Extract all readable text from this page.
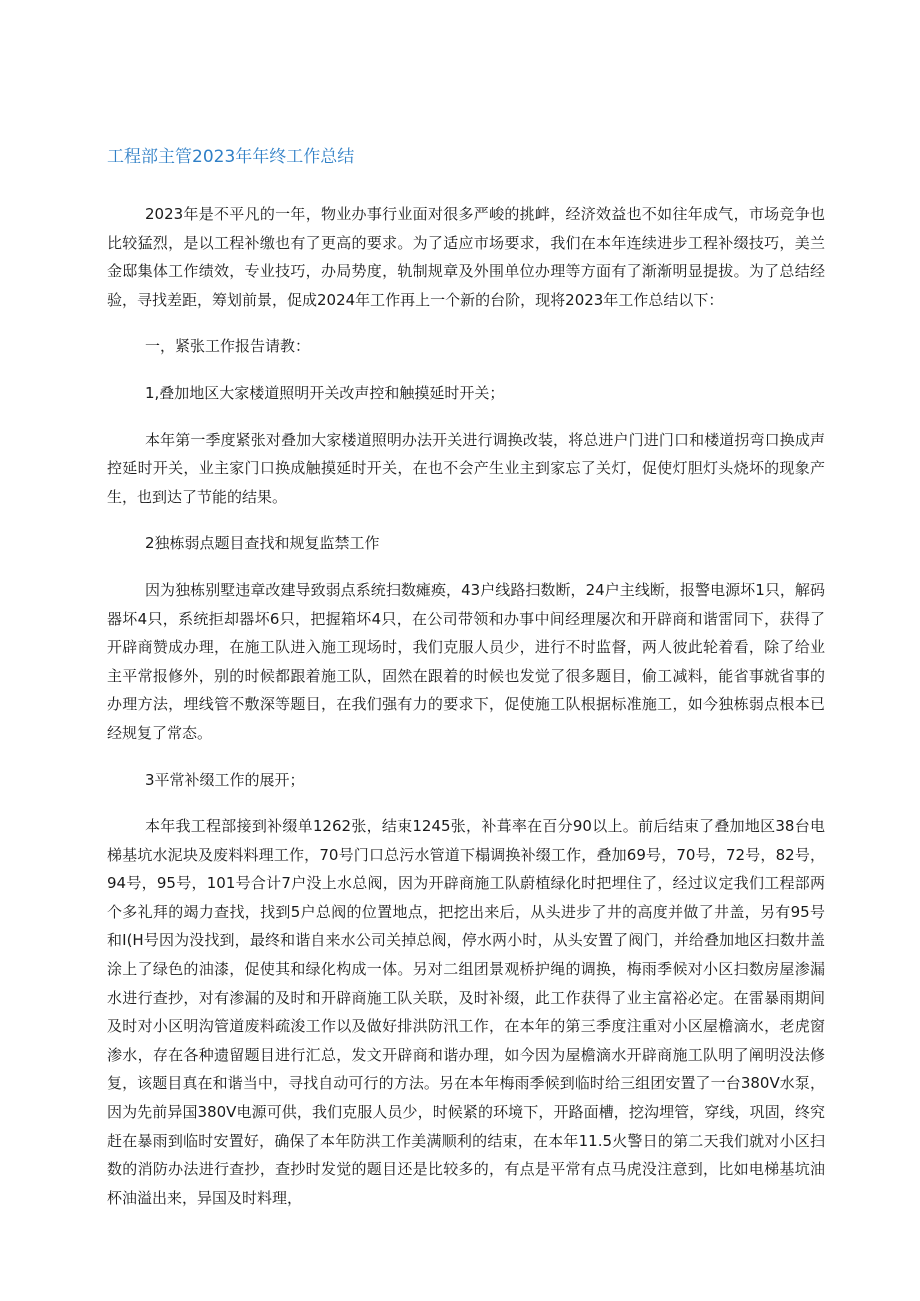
工程部主管2023年年终工作总结

2023年是不平凡的一年，物业办事行业面对很多严峻的挑衅，经济效益也不如往年成气，市场竞争也比较猛烈，是以工程补缴也有了更高的要求。为了适应市场要求，我们在本年连续进步工程补缀技巧，美兰金邸集体工作绩效，专业技巧，办局势度，轨制规章及外围单位办理等方面有了渐渐明显提拔。为了总结经验，寻找差距，筹划前景，促成2024年工作再上一个新的台阶，现将2023年工作总结以下：

一，紧张工作报告请教：

1,叠加地区大家楼道照明开关改声控和触摸延时开关；

本年第一季度紧张对叠加大家楼道照明办法开关进行调换改装，将总进户门进门口和楼道拐弯口换成声控延时开关，业主家门口换成触摸延时开关，在也不会产生业主到家忘了关灯，促使灯胆灯头烧坏的现象产生，也到达了节能的结果。

2独栋弱点题目查找和规复监禁工作

因为独栋别墅违章改建导致弱点系统扫数瘫痪，43户线路扫数断，24户主线断，报警电源坏1只，解码器坏4只，系统拒却器坏6只，把握箱坏4只，在公司带领和办事中间经理屡次和开辟商和谐雷同下，获得了开辟商赞成办理，在施工队进入施工现场时，我们克服人员少，进行不时监督，两人彼此轮着看，除了给业主平常报修外，别的时候都跟着施工队，固然在跟着的时候也发觉了很多题目，偷工减料，能省事就省事的办理方法，埋线管不敷深等题目，在我们强有力的要求下，促使施工队根据标准施工，如今独栋弱点根本已经规复了常态。

3平常补缀工作的展开；

本年我工程部接到补缀单1262张，结束1245张，补葺率在百分90以上。前后结束了叠加地区38台电梯基坑水泥块及废料料理工作，70号门口总污水管道下榻调换补缀工作，叠加69号，70号，72号，82号，94号，95号，101号合计7户没上水总阀，因为开辟商施工队蔚植绿化时把埋住了，经过议定我们工程部两个多礼拜的竭力查找，找到5户总阀的位置地点，把挖出来后，从头进步了井的高度并做了井盖，另有95号和I(H号因为没找到，最终和谐自来水公司关掉总阀，停水两小时，从头安置了阀门，并给叠加地区扫数井盖涂上了绿色的油漆，促使其和绿化构成一体。另对二组团景观桥护绳的调换，梅雨季候对小区扫数房屋渗漏水进行查抄，对有渗漏的及时和开辟商施工队关联，及时补缀，此工作获得了业主富裕必定。在雷暴雨期间及时对小区明沟管道废料疏浚工作以及做好排洪防汛工作，在本年的第三季度注重对小区屋檐滴水，老虎窗渗水，存在各种遗留题目进行汇总，发文开辟商和谐办理，如今因为屋檐滴水开辟商施工队明了阐明没法修复，该题目真在和谐当中，寻找自动可行的方法。另在本年梅雨季候到临时给三组团安置了一台380V水泵，因为先前异国380V电源可供，我们克服人员少，时候紧的环境下，开路面槽，挖沟埋管，穿线，巩固，终究赶在暴雨到临时安置好，确保了本年防洪工作美满顺利的结束，在本年11.5火警日的第二天我们就对小区扫数的消防办法进行查抄，查抄时发觉的题目还是比较多的，有点是平常有点马虎没注意到，比如电梯基坑油杯油溢出来，异国及时料理，
